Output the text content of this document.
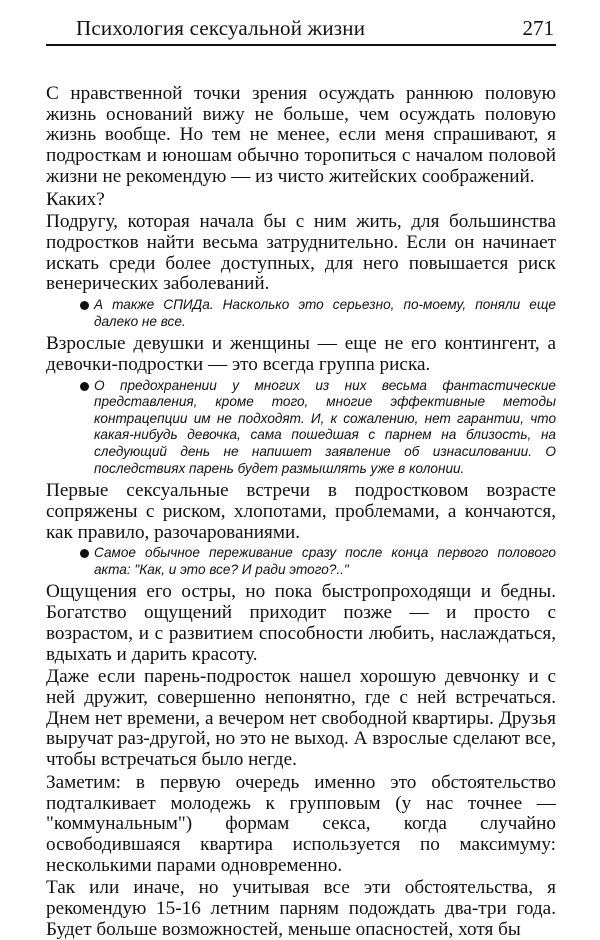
Психология сексуальной жизни	271

С нравственной точки зрения осуждать раннюю половую жизнь оснований вижу не больше, чем осуждать половую жизнь вообще. Но тем не менее, если меня спрашивают, я подросткам и юношам обычно торопиться с началом половой жизни не рекомендую — из чисто житейских соображений.

Каких?

Подругу, которая начала бы с ним жить, для большинства подростков найти весьма затруднительно. Если он начинает искать среди более доступных, для него повышается риск венерических заболеваний.

А также СПИДа. Насколько это серьезно, по-моему, поняли еще далеко не все.

Взрослые девушки и женщины — еще не его контингент, а девочки-подростки — это всегда группа риска.

О предохранении у многих из них весьма фантастические представления, кроме того, многие эффективные методы контрацепции им не подходят. И, к сожалению, нет гарантии, что какая-нибудь девочка, сама пошедшая с парнем на близость, на следующий день не напишет заявление об изнасиловании. О последствиях парень будет размышлять уже в колонии.

Первые сексуальные встречи в подростковом возрасте сопряжены с риском, хлопотами, проблемами, а кончаются, как правило, разочарованиями.

Самое обычное переживание сразу после конца первого полового акта: "Как, и это все? И ради этого?.."

Ощущения его остры, но пока быстропроходящи и бедны. Богатство ощущений приходит позже — и просто с возрастом, и с развитием способности любить, наслаждаться, вдыхать и дарить красоту.

Даже если парень-подросток нашел хорошую девчонку и с ней дружит, совершенно непонятно, где с ней встречаться. Днем нет времени, а вечером нет свободной квартиры. Друзья выручат раз-другой, но это не выход. А взрослые сделают все, чтобы встречаться было негде.

Заметим: в первую очередь именно это обстоятельство подталкивает молодежь к групповым (у нас точнее — "коммунальным") формам секса, когда случайно освободившаяся квартира используется по максимуму: несколькими парами одновременно.

Так или иначе, но учитывая все эти обстоятельства, я рекомендую 15-16 летним парням подождать два-три года. Будет больше возможностей, меньше опасностей, хотя бы
